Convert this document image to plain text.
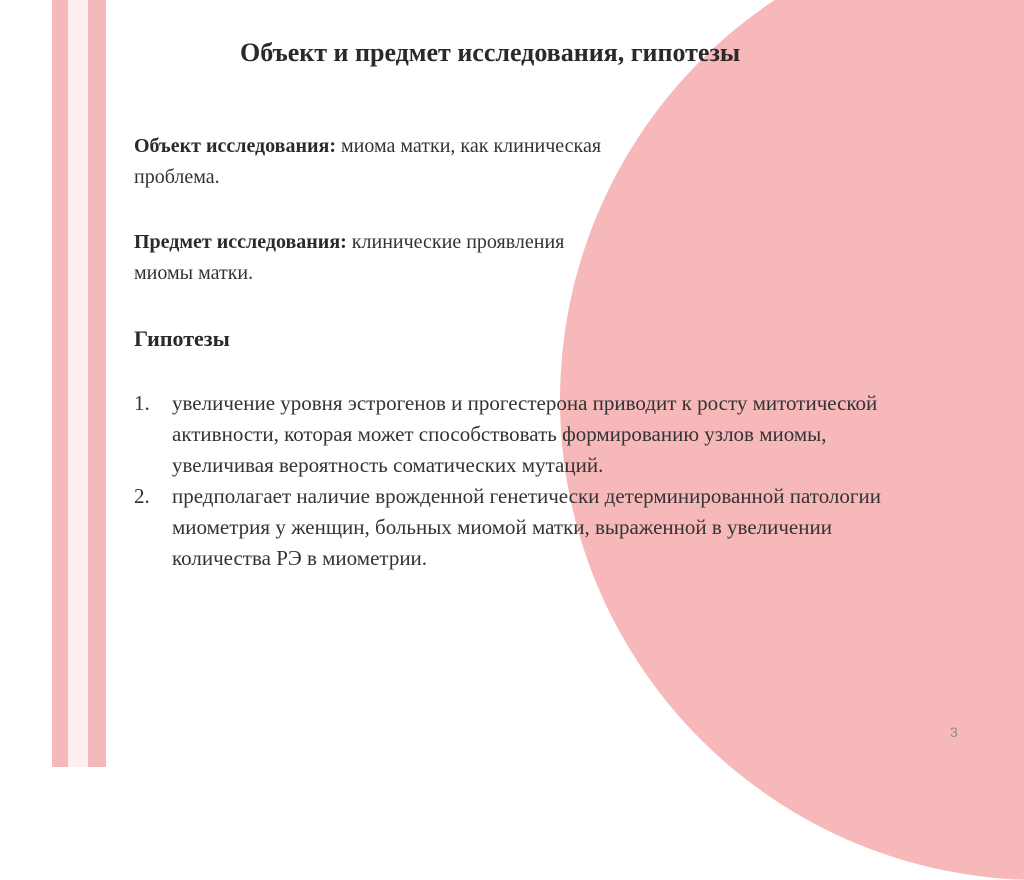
Объект и предмет исследования, гипотезы
Объект исследования: миома матки, как клиническая проблема.
Предмет исследования: клинические проявления миомы матки.
Гипотезы
1.	увеличение уровня эстрогенов и прогестерона приводит к росту митотической активности, которая может способствовать формированию узлов миомы, увеличивая вероятность соматических мутаций.
2.	предполагает наличие врожденной генетически детерминированной патологии миометрия у женщин, больных миомой матки, выраженной в увеличении количества РЭ в миометрии.
3
